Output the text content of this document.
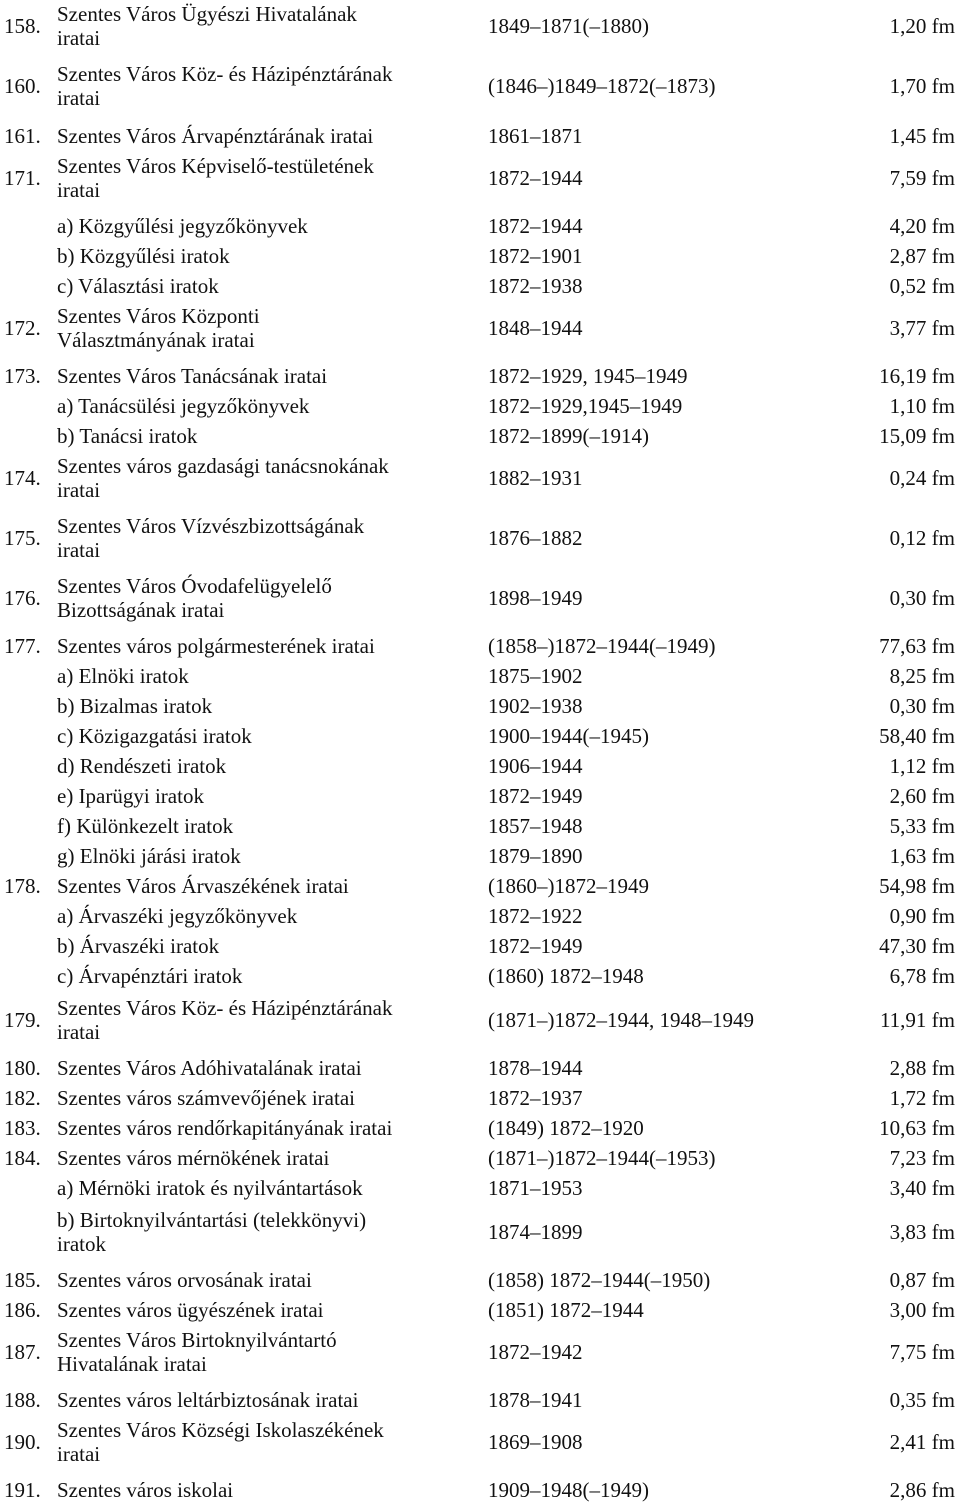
158. Szentes Város Ügyészi Hivatalának
iratai	1849–1871(–1880)	1,20 fm
160. Szentes Város Köz- és Házipénztárának
iratai	(1846–)1849–1872(–1873)	1,70 fm
161. Szentes Város Árvapénztárának iratai	1861–1871	1,45 fm
171. Szentes Város Képviselő-testületének
iratai	1872–1944	7,59 fm
a) Közgyűlési jegyzőkönyvek	1872–1944	4,20 fm
b) Közgyűlési iratok	1872–1901	2,87 fm
c) Választási iratok	1872–1938	0,52 fm
172. Szentes Város Központi
Választmányának iratai	1848–1944	3,77 fm
173. Szentes Város Tanácsának iratai	1872–1929, 1945–1949	16,19 fm
a) Tanácsülési jegyzőkönyvek	1872–1929,1945–1949	1,10 fm
b) Tanácsi iratok	1872–1899(–1914)	15,09 fm
174. Szentes város gazdasági tanácsnokának
iratai	1882–1931	0,24 fm
175. Szentes Város Vízvészbizottságának
iratai	1876–1882	0,12 fm
176. Szentes Város Óvodafelügyelelő
Bizottságának iratai	1898–1949	0,30 fm
177. Szentes város polgármesterének iratai	(1858–)1872–1944(–1949)	77,63 fm
a) Elnöki iratok	1875–1902	8,25 fm
b) Bizalmas iratok	1902–1938	0,30 fm
c) Közigazgatási iratok	1900–1944(–1945)	58,40 fm
d) Rendészeti iratok	1906–1944	1,12 fm
e) Iparügyi iratok	1872–1949	2,60 fm
f) Különkezelt iratok	1857–1948	5,33 fm
g) Elnöki járási iratok	1879–1890	1,63 fm
178. Szentes Város Árvaszékének iratai	(1860–)1872–1949	54,98 fm
a) Árvaszéki jegyzőkönyvek	1872–1922	0,90 fm
b) Árvaszéki iratok	1872–1949	47,30 fm
c) Árvapénztári iratok	(1860) 1872–1948	6,78 fm
179. Szentes Város Köz- és Házipénztárának
iratai	(1871–)1872–1944, 1948–1949	11,91 fm
180. Szentes Város Adóhivatalának iratai	1878–1944	2,88 fm
182. Szentes város számvevőjének iratai	1872–1937	1,72 fm
183. Szentes város rendőrkapitányának iratai	(1849) 1872–1920	10,63 fm
184. Szentes város mérnökének iratai	(1871–)1872–1944(–1953)	7,23 fm
a) Mérnöki iratok és nyilvántartások	1871–1953	3,40 fm
b) Birtoknyilvántartási (telekkönyvi)
iratok	1874–1899	3,83 fm
185. Szentes város orvosának iratai	(1858) 1872–1944(–1950)	0,87 fm
186. Szentes város ügyészének iratai	(1851) 1872–1944	3,00 fm
187. Szentes Város Birtoknyilvántartó
Hivatalának iratai	1872–1942	7,75 fm
188. Szentes város leltárbiztosának iratai	1878–1941	0,35 fm
190. Szentes Város Községi Iskolaszékének
iratai	1869–1908	2,41 fm
191. Szentes város iskolai	1909–1948(–1949)	2,86 fm
